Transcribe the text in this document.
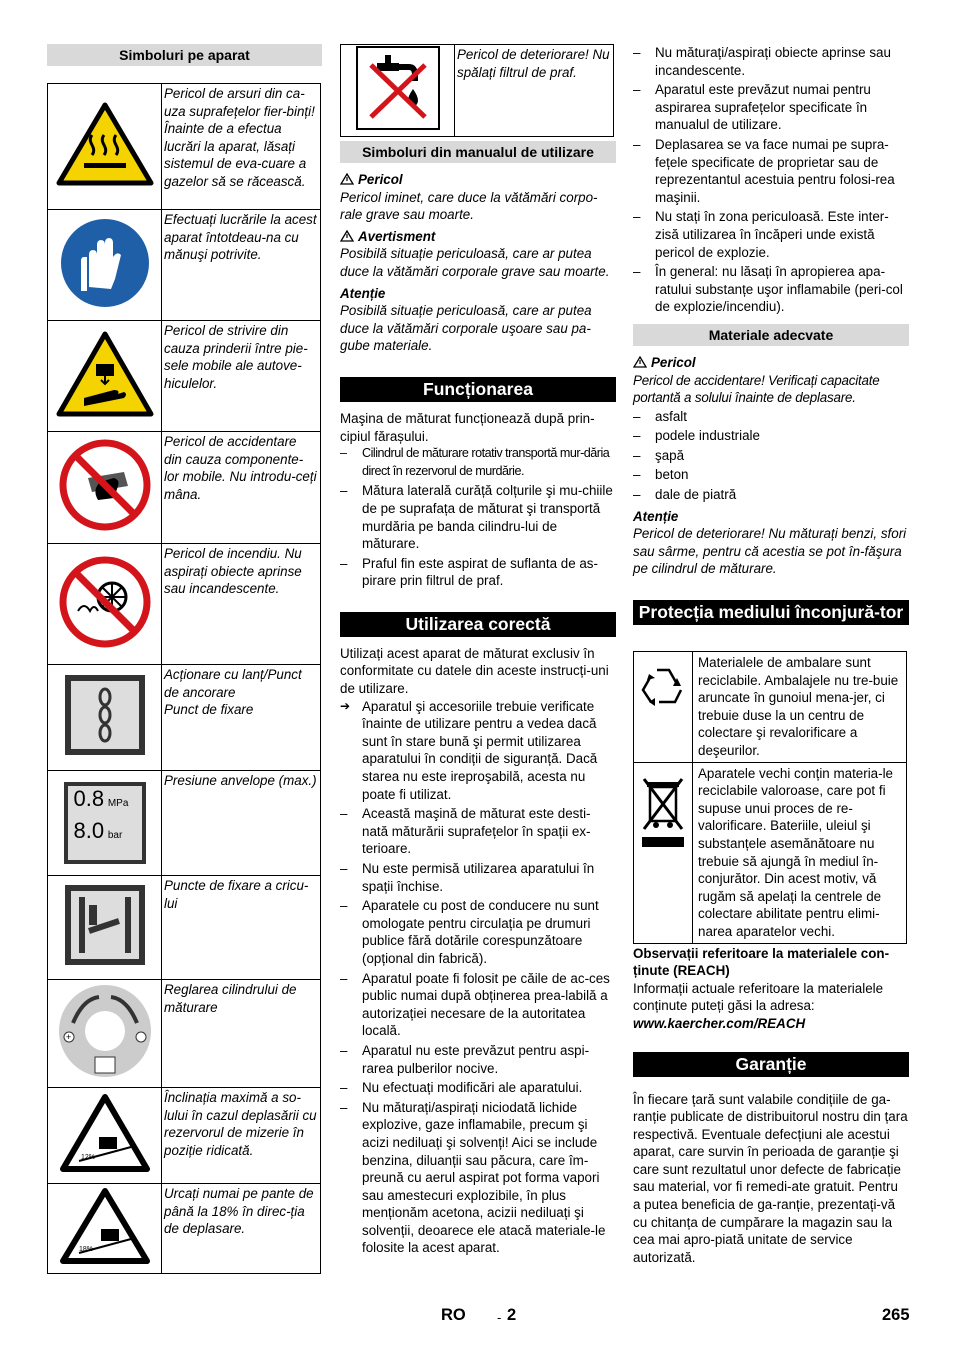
Simboluri pe aparat
	Pericol de arsuri din ca-uza suprafețelor fier-binți! Înainte de a efectua lucrări la aparat, lăsați sistemul de eva-cuare a gazelor să se răcească.
	Efectuați lucrările la acest aparat întotdeau-na cu mănuşi potrivite.
	Pericol de strivire din cauza prinderii între pie-sele mobile ale autove-hiculelor.
	Pericol de accidentare din cauza componente-lor mobile. Nu introdu-ceți mâna.
	Pericol de incendiu. Nu aspirați obiecte aprinse sau incandescente.
	Acționare cu lanț/Punct de ancorare
Punct de fixare

0.8 MPa
8.0 bar	Presiune anvelope (max.)
	Puncte de fixare a cricu-lui

+	Reglarea cilindrului de măturare

12%	Înclinația maximă a so-lului în cazul deplasării cu rezervorul de mizerie în poziție ridicată.

18%	Urcați numai pe pante de până la 18% în direc-ția de deplasare.
	Pericol de deteriorare! Nu spălați filtrul de praf.
Simboluri din manualul de utilizare

Pericol

Pericol iminet, care duce la vătămări corpo-rale grave sau moarte.

Avertisment

Posibilă situație periculoasă, care ar putea duce la vătămări corporale grave sau moarte.

Atenție

Posibilă situație periculoasă, care ar putea duce la vătămări corporale uşoare sau pa-gube materiale.

Funcționarea

Maşina de măturat funcționează după prin-cipiul fărașului.

– Cilindrul de măturare rotativ transportă mur-dăria direct în rezervorul de murdărie.

– Mătura laterală curăță colțurile şi mu-chiile de pe suprafața de măturat şi transportă murdăria pe banda cilindru-lui de măturare.

– Praful fin este aspirat de suflanta de as-pirare prin filtrul de praf.

Utilizarea corectă

Utilizați acest aparat de măturat exclusiv în conformitate cu datele din aceste instrucți-uni de utilizare.

➔ Aparatul şi accesoriile trebuie verificate înainte de utilizare pentru a vedea dacă sunt în stare bună şi permit utilizarea aparatului în condiții de siguranță. Dacă starea nu este ireproşabilă, acesta nu poate fi utilizat.

– Această maşină de măturat este desti-nată măturării suprafețelor în spații ex-terioare.

– Nu este permisă utilizarea aparatului în spații închise.

– Aparatele cu post de conducere nu sunt omologate pentru circulația pe drumuri publice fără dotările corespunzătoare (opțional din fabrică).

– Aparatul poate fi folosit pe căile de ac-ces public numai după obținerea prea-labilă a autorizației necesare de la autoritatea locală.

– Aparatul nu este prevăzut pentru aspi-rarea pulberilor nocive.

– Nu efectuați modificări ale aparatului.

– Nu măturați/aspirați niciodată lichide explozive, gaze inflamabile, precum şi acizi nediluați şi solvenți! Aici se include benzina, diluanții sau păcura, care îm-preună cu aerul aspirat pot forma vapori sau amestecuri explozibile, în plus menționăm acetona, acizii nediluați şi solvenții, deoarece ele atacă materiale-le folosite la acest aparat.

– Nu măturați/aspirați obiecte aprinse sau incandescente.

– Aparatul este prevăzut numai pentru aspirarea suprafețelor specificate în manualul de utilizare.

– Deplasarea se va face numai pe supra-fețele specificate de proprietar sau de reprezentantul acestuia pentru folosi-rea maşinii.

– Nu stați în zona periculoasă. Este inter-zisă utilizarea în încăperi unde există pericol de explozie.

– În general: nu lăsați în apropierea apa-ratului substanțe uşor inflamabile (peri-col de explozie/incendiu).

Materiale adecvate

Pericol

Pericol de accidentare! Verificați capacitate portantă a solului înainte de deplasare.

– asfalt

– podele industriale

– şapă

– beton

– dale de piatră

Atenție

Pericol de deteriorare! Nu măturați benzi, sfori sau sârme, pentru că acestia se pot în-făşura pe cilindrul de măturare.

Protecția mediului înconjură-tor
	Materialele de ambalare sunt reciclabile. Ambalajele nu tre-buie aruncate în gunoiul mena-jer, ci trebuie duse la un centru de colectare şi revalorificare a deşeurilor.
	Aparatele vechi conțin materia-le reciclabile valoroase, care pot fi supuse unui proces de re-valorificare. Bateriile, uleiul şi substanțele asemănătoare nu trebuie să ajungă în mediul în-conjurător. Din acest motiv, vă rugăm să apelați la centrele de colectare abilitate pentru elimi-narea aparatelor vechi.

Observații referitoare la materialele con-ținute (REACH)

Informații actuale referitoare la materialele conținute puteți găsi la adresa:

www.kaercher.com/REACH

Garanție

În fiecare țară sunt valabile condițiile de ga-ranție publicate de distribuitorul nostru din țara respectivă. Eventuale defecțiuni ale acestui aparat, care survin în perioada de garanție şi care sunt rezultatul unor defecte de fabricație sau material, vor fi remedi-ate gratuit. Pentru a putea beneficia de ga-ranție, prezentați-vă cu chitanța de cumpărare la magazin sau la cea mai apro-piată unitate de service autorizată.

RO - 2	265
